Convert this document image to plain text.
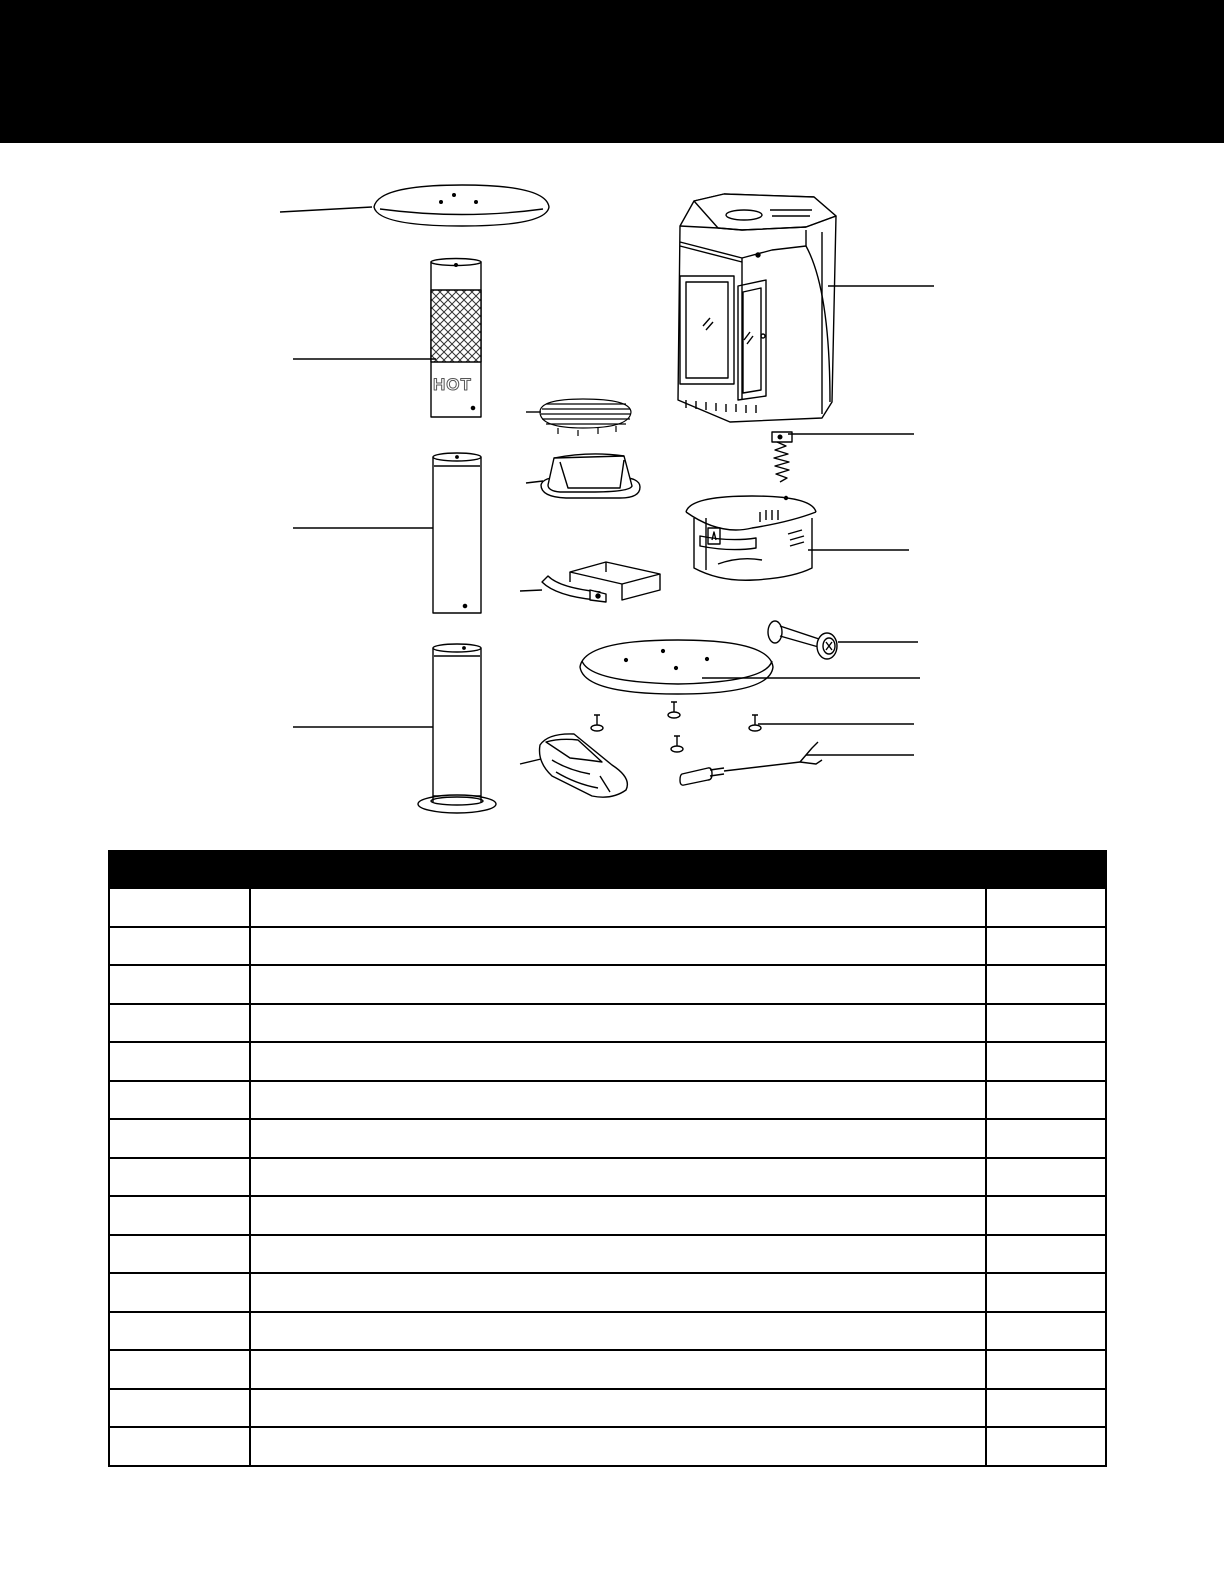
HOT
